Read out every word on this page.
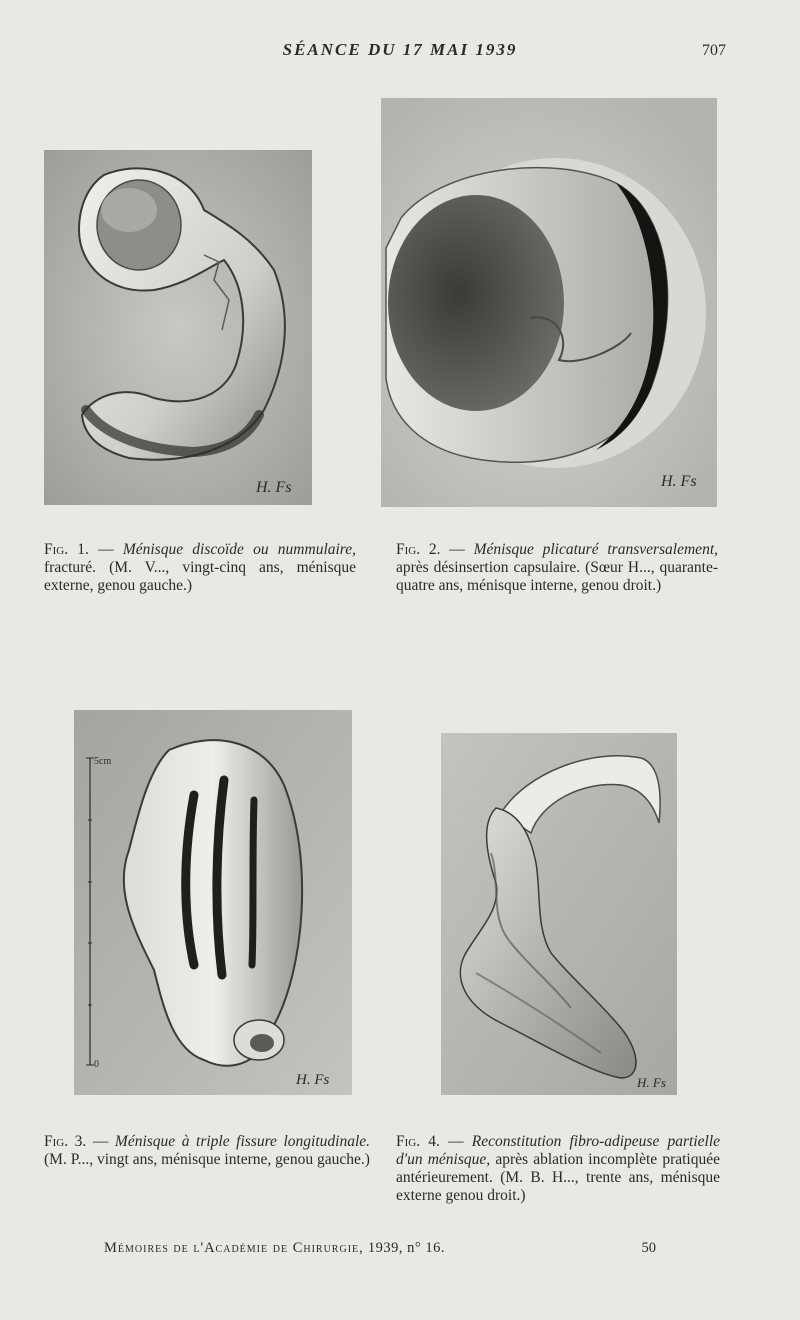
SÉANCE DU 17 MAI 1939	707
H. Fs	H. Fs
Fig. 1. — Ménisque discoïde ou nummulaire, fracturé. (M. V..., vingt-cinq ans, ménisque externe, genou gauche.)
Fig. 2. — Ménisque plicaturé transversalement, après désinsertion capsulaire. (Sœur H..., quarante-quatre ans, ménisque interne, genou droit.)
5cm
0
H. Fs	H. Fs
Fig. 3. — Ménisque à triple fissure longitudinale. (M. P..., vingt ans, ménisque interne, genou gauche.)
Fig. 4. — Reconstitution fibro-adipeuse partielle d'un ménisque, après ablation incomplète pratiquée antérieurement. (M. B. H..., trente ans, ménisque externe genou droit.)
Mémoires de l'Académie de Chirurgie, 1939, n° 16.	50
